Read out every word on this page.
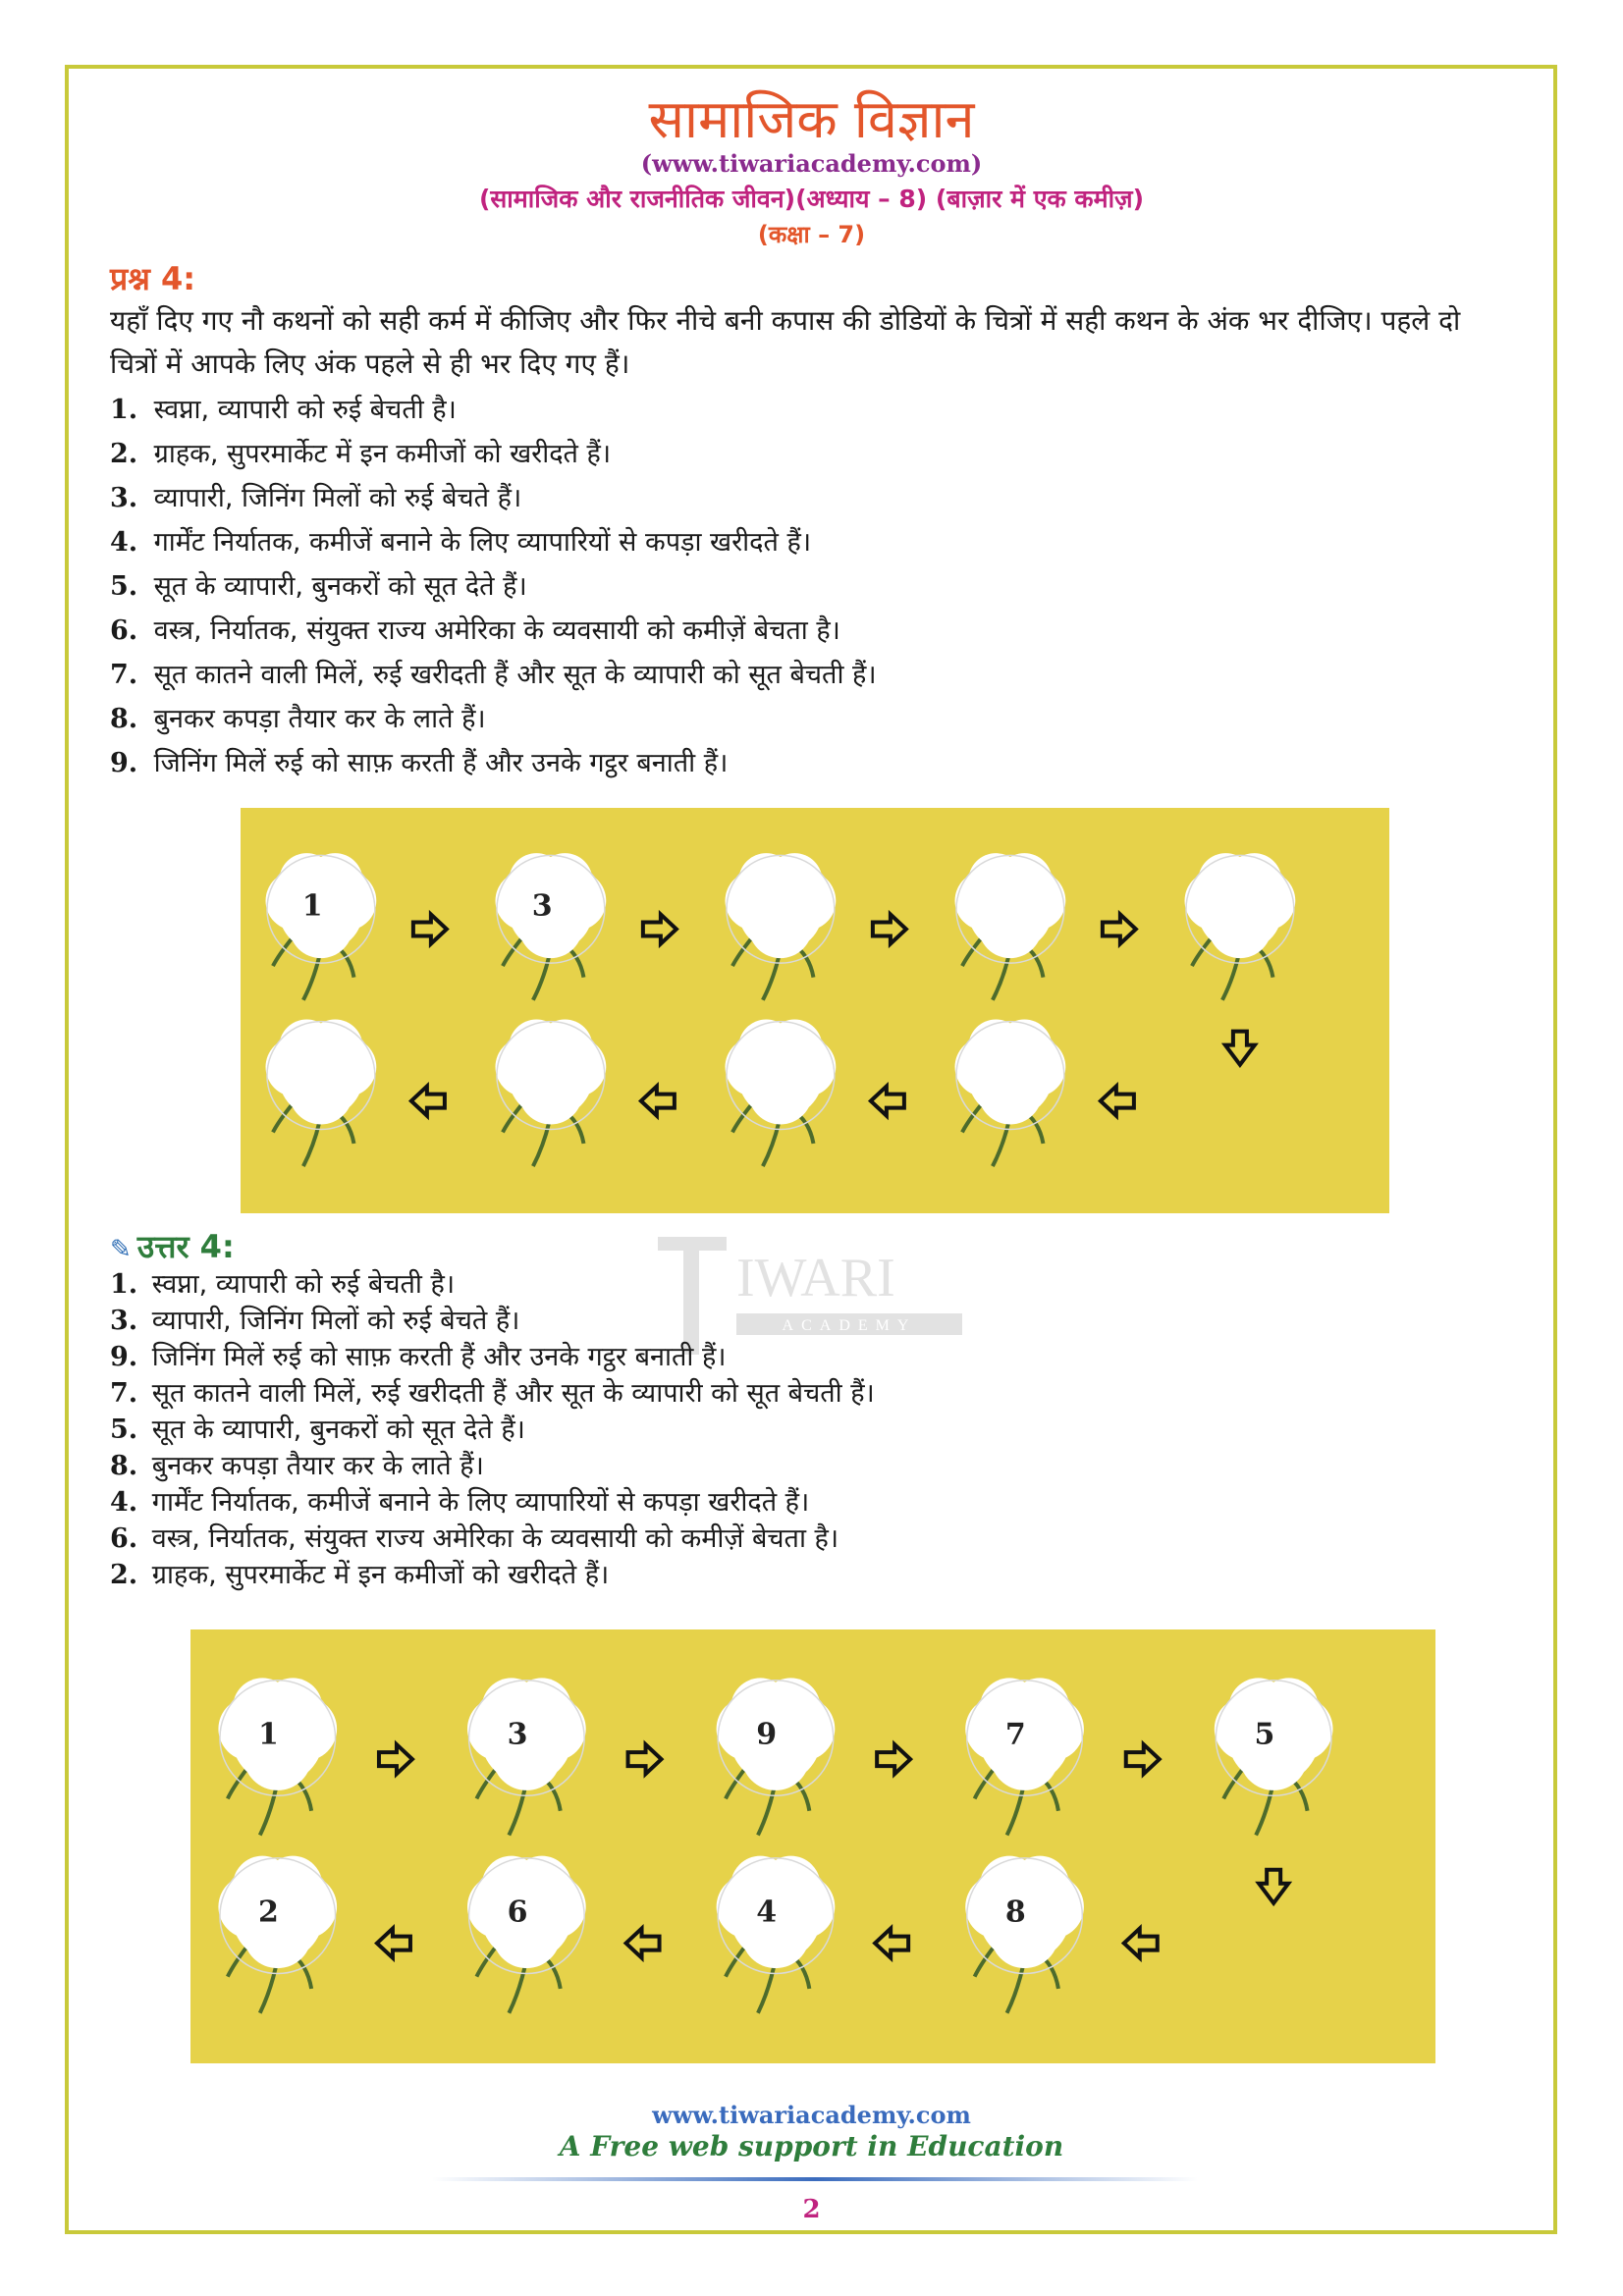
सामाजिक विज्ञान
(www.tiwariacademy.com)
(सामाजिक और राजनीतिक जीवन)(अध्याय – 8) (बाज़ार में एक कमीज़)
(कक्षा – 7)
प्रश्न 4:
यहाँ दिए गए नौ कथनों को सही कर्म में कीजिए और फिर नीचे बनी कपास की डोडियों के चित्रों में सही कथन के अंक भर दीजिए। पहले दो चित्रों में आपके लिए अंक पहले से ही भर दिए गए हैं।
1. स्वप्ना, व्यापारी को रुई बेचती है।
2. ग्राहक, सुपरमार्केट में इन कमीजों को खरीदते हैं।
3. व्यापारी, जिनिंग मिलों को रुई बेचते हैं।
4. गार्मेंट निर्यातक, कमीजें बनाने के लिए व्यापारियों से कपड़ा खरीदते हैं।
5. सूत के व्यापारी, बुनकरों को सूत देते हैं।
6. वस्त्र, निर्यातक, संयुक्त राज्य अमेरिका के व्यवसायी को कमीज़ें बेचता है।
7. सूत कातने वाली मिलें, रुई खरीदती हैं और सूत के व्यापारी को सूत बेचती हैं।
8. बुनकर कपड़ा तैयार कर के लाते हैं।
9. जिनिंग मिलें रुई को साफ़ करती हैं और उनके गट्ठर बनाती हैं।
1	3
IWARI
ACADEMY
✎ उत्तर 4:
1. स्वप्ना, व्यापारी को रुई बेचती है।
3. व्यापारी, जिनिंग मिलों को रुई बेचते हैं।
9. जिनिंग मिलें रुई को साफ़ करती हैं और उनके गट्ठर बनाती हैं।
7. सूत कातने वाली मिलें, रुई खरीदती हैं और सूत के व्यापारी को सूत बेचती हैं।
5. सूत के व्यापारी, बुनकरों को सूत देते हैं।
8. बुनकर कपड़ा तैयार कर के लाते हैं।
4. गार्मेंट निर्यातक, कमीजें बनाने के लिए व्यापारियों से कपड़ा खरीदते हैं।
6. वस्त्र, निर्यातक, संयुक्त राज्य अमेरिका के व्यवसायी को कमीज़ें बेचता है।
2. ग्राहक, सुपरमार्केट में इन कमीजों को खरीदते हैं।
1	3	9	7	5
2	6	4	8
www.tiwariacademy.com
A Free web support in Education
2
